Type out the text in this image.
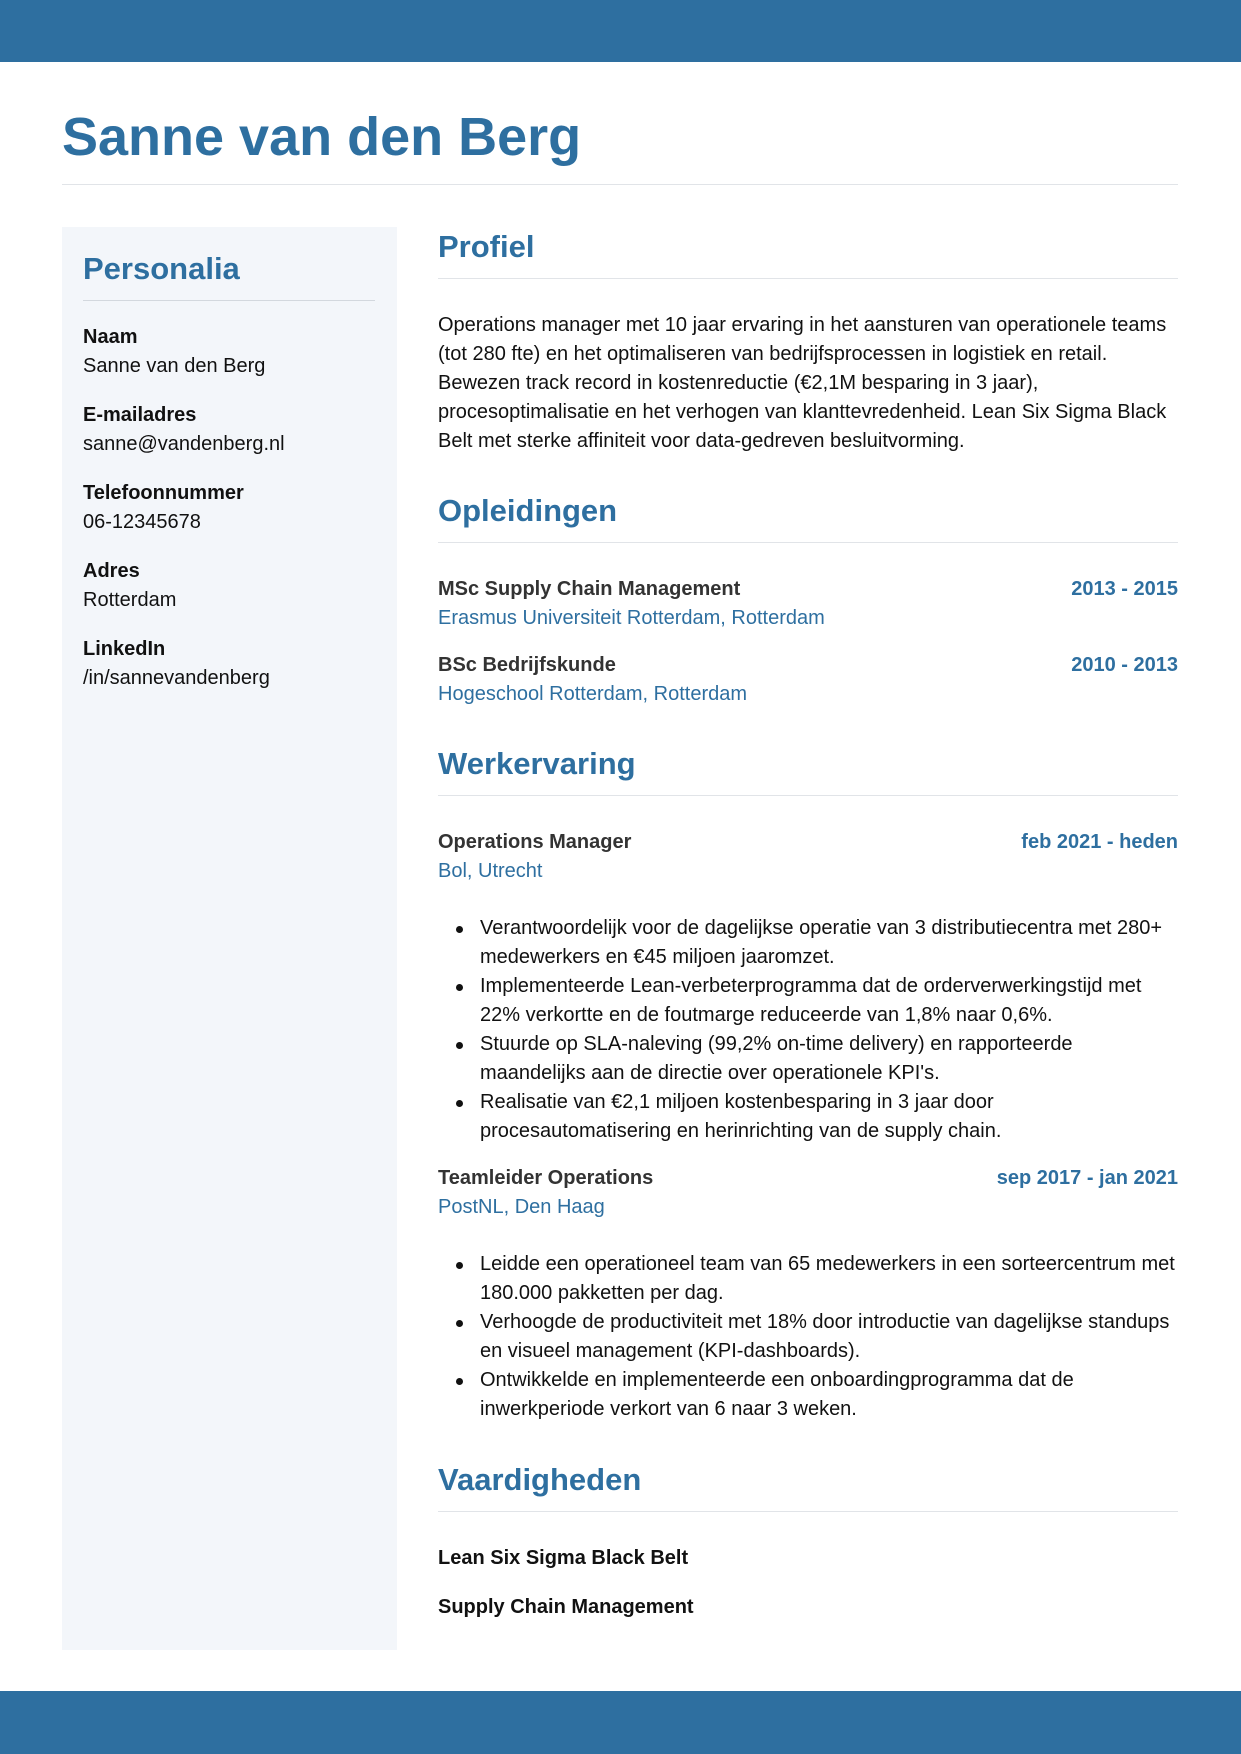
Sanne van den Berg
Personalia
Naam
Sanne van den Berg
E-mailadres
sanne@vandenberg.nl
Telefoonnummer
06-12345678
Adres
Rotterdam
LinkedIn
/in/sannevandenberg
Profiel

Operations manager met 10 jaar ervaring in het aansturen van operationele teams (tot 280 fte) en het optimaliseren van bedrijfsprocessen in logistiek en retail. Bewezen track record in kostenreductie (€2,1M besparing in 3 jaar), procesoptimalisatie en het verhogen van klanttevredenheid. Lean Six Sigma Black Belt met sterke affiniteit voor data-gedreven besluitvorming.

Opleidingen
MSc Supply Chain Management	2013 - 2015
Erasmus Universiteit Rotterdam, Rotterdam
BSc Bedrijfskunde	2010 - 2013
Hogeschool Rotterdam, Rotterdam
Werkervaring
Operations Manager	feb 2021 - heden
Bol, Utrecht
Verantwoordelijk voor de dagelijkse operatie van 3 distributiecentra met 280+ medewerkers en €45 miljoen jaaromzet.
Implementeerde Lean-verbeterprogramma dat de orderverwerkingstijd met 22% verkortte en de foutmarge reduceerde van 1,8% naar 0,6%.
Stuurde op SLA-naleving (99,2% on-time delivery) en rapporteerde maandelijks aan de directie over operationele KPI's.
Realisatie van €2,1 miljoen kostenbesparing in 3 jaar door procesautomatisering en herinrichting van de supply chain.
Teamleider Operations	sep 2017 - jan 2021
PostNL, Den Haag
Leidde een operationeel team van 65 medewerkers in een sorteercentrum met 180.000 pakketten per dag.
Verhoogde de productiviteit met 18% door introductie van dagelijkse standups en visueel management (KPI-dashboards).
Ontwikkelde en implementeerde een onboardingprogramma dat de inwerkperiode verkort van 6 naar 3 weken.
Vaardigheden
Lean Six Sigma Black Belt
Supply Chain Management
